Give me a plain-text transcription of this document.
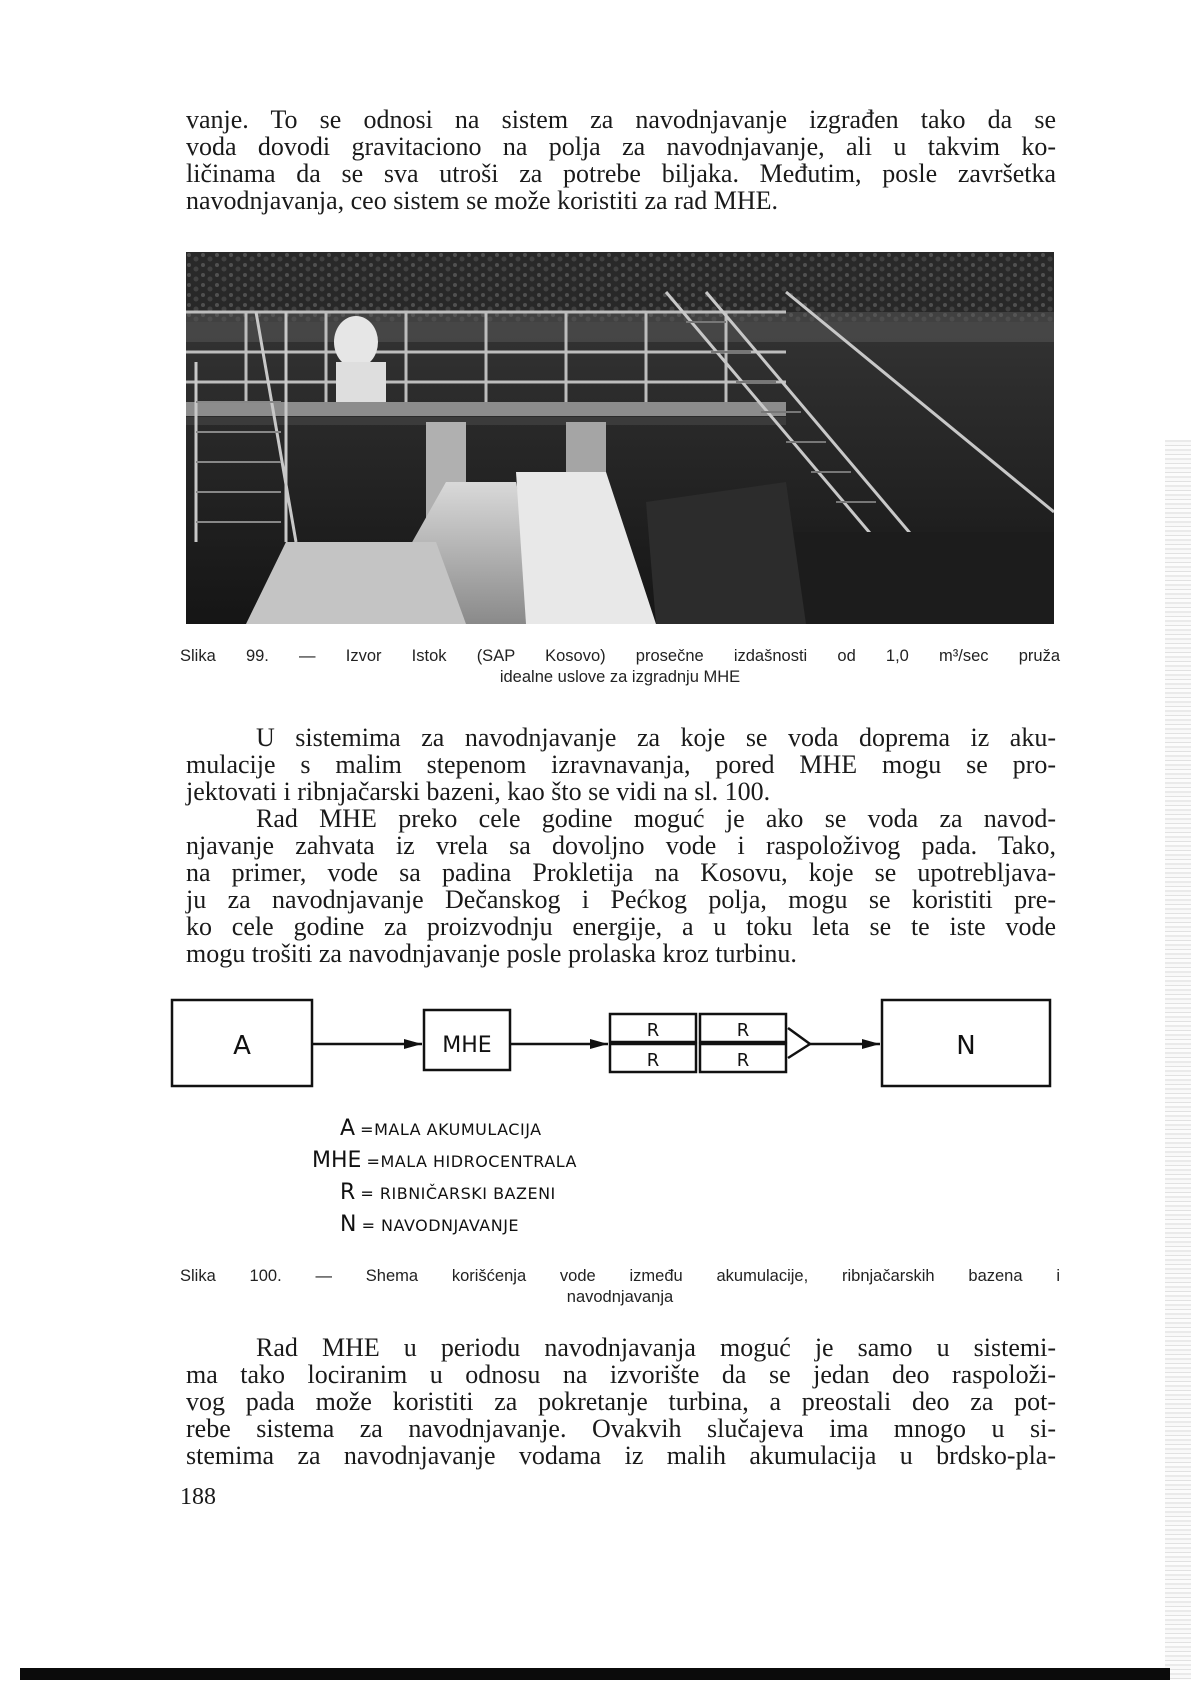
vanje. To se odnosi na sistem za navodnjavanje izgrađen tako da se
voda dovodi gravitaciono na polja za navodnjavanje, ali u takvim ko-
ličinama da se sva utroši za potrebe biljaka. Međutim, posle završetka
navodnjavanja, ceo sistem se može koristiti za rad MHE.
Slika 99. — Izvor Istok (SAP Kosovo) prosečne izdašnosti od 1,0 m³/sec pruža
idealne uslove za izgradnju MHE
U sistemima za navodnjavanje za koje se voda doprema iz aku-
mulacije s malim stepenom izravnavanja, pored MHE mogu se pro-
jektovati i ribnjačarski bazeni, kao što se vidi na sl. 100.
Rad MHE preko cele godine moguć je ako se voda za navod-
njavanje zahvata iz vrela sa dovoljno vode i raspoloživog pada. Tako,
na primer, vode sa padina Prokletija na Kosovu, koje se upotrebljava-
ju za navodnjavanje Dečanskog i Pećkog polja, mogu se koristiti pre-
ko cele godine za proizvodnju energije, a u toku leta se te iste vode
mogu trošiti za navodnjavanje posle prolaska kroz turbinu.
A	MHE
R	R
R	R	N
A =MALA AKUMULACIJA
MHE =MALA HIDROCENTRALA
R = RIBNIČARSKI BAZENI
N = NAVODNJAVANJE
Slika 100. — Shema korišćenja vode između akumulacije, ribnjačarskih bazena i
navodnjavanja
Rad MHE u periodu navodnjavanja moguć je samo u sistemi-
ma tako lociranim u odnosu na izvorište da se jedan deo raspoloži-
vog pada može koristiti za pokretanje turbina, a preostali deo za pot-
rebe sistema za navodnjavanje. Ovakvih slučajeva ima mnogo u si-
stemima za navodnjavanje vodama iz malih akumulacija u brdsko-pla-
188
